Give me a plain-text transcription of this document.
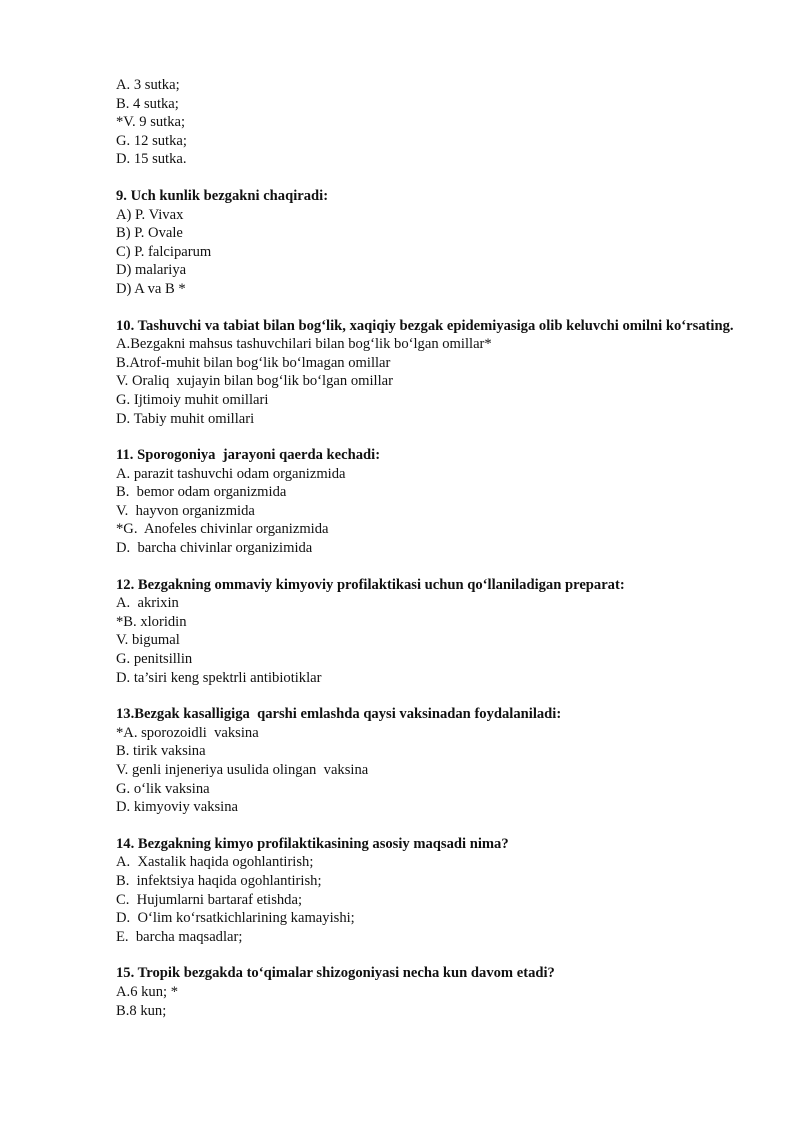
A. 3 sutka;
B. 4 sutka;
*V. 9 sutka;
G. 12 sutka;
D. 15 sutka.
9. Uch kunlik bezgakni chaqiradi:
A) P. Vivax
B) P. Ovale
C) P. falciparum
D) malariya
D) A va B *
10. Tashuvchi va tabiat bilan bog‘lik, xaqiqiy bezgak epidemiyasiga olib keluvchi omilni ko‘rsating.
A.Bezgakni mahsus tashuvchilari bilan bog‘lik bo‘lgan omillar*
B.Atrof-muhit bilan bog‘lik bo‘lmagan omillar
V. Oraliq  xujayin bilan bog‘lik bo‘lgan omillar
G. Ijtimoiy muhit omillari
D. Tabiy muhit omillari
11. Sporogoniya  jarayoni qaerda kechadi:
A. parazit tashuvchi odam organizmida
B.  bemor odam organizmida
V.  hayvon organizmida
*G.  Anofeles chivinlar organizmida
D.  barcha chivinlar organizimida
12. Bezgakning ommaviy kimyoviy profilaktikasi uchun qo‘llaniladigan preparat:
A.  akrixin
*B. xloridin
V. bigumal
G. penitsillin
D. ta’siri keng spektrli antibiotiklar
13.Bezgak kasalligiga  qarshi emlashda qaysi vaksinadan foydalaniladi:
*A. sporozoidli  vaksina
B. tirik vaksina
V. genli injeneriya usulida olingan  vaksina
G. o‘lik vaksina
D. kimyoviy vaksina
14. Bezgakning kimyo profilaktikasining asosiy maqsadi nima?
A.  Xastalik haqida ogohlantirish;
B.  infektsiya haqida ogohlantirish;
C.  Hujumlarni bartaraf etishda;
D.  O‘lim ko‘rsatkichlarining kamayishi;
E.  barcha maqsadlar;
15. Tropik bezgakda to‘qimalar shizogoniyasi necha kun davom etadi?
A.6 kun; *
B.8 kun;
